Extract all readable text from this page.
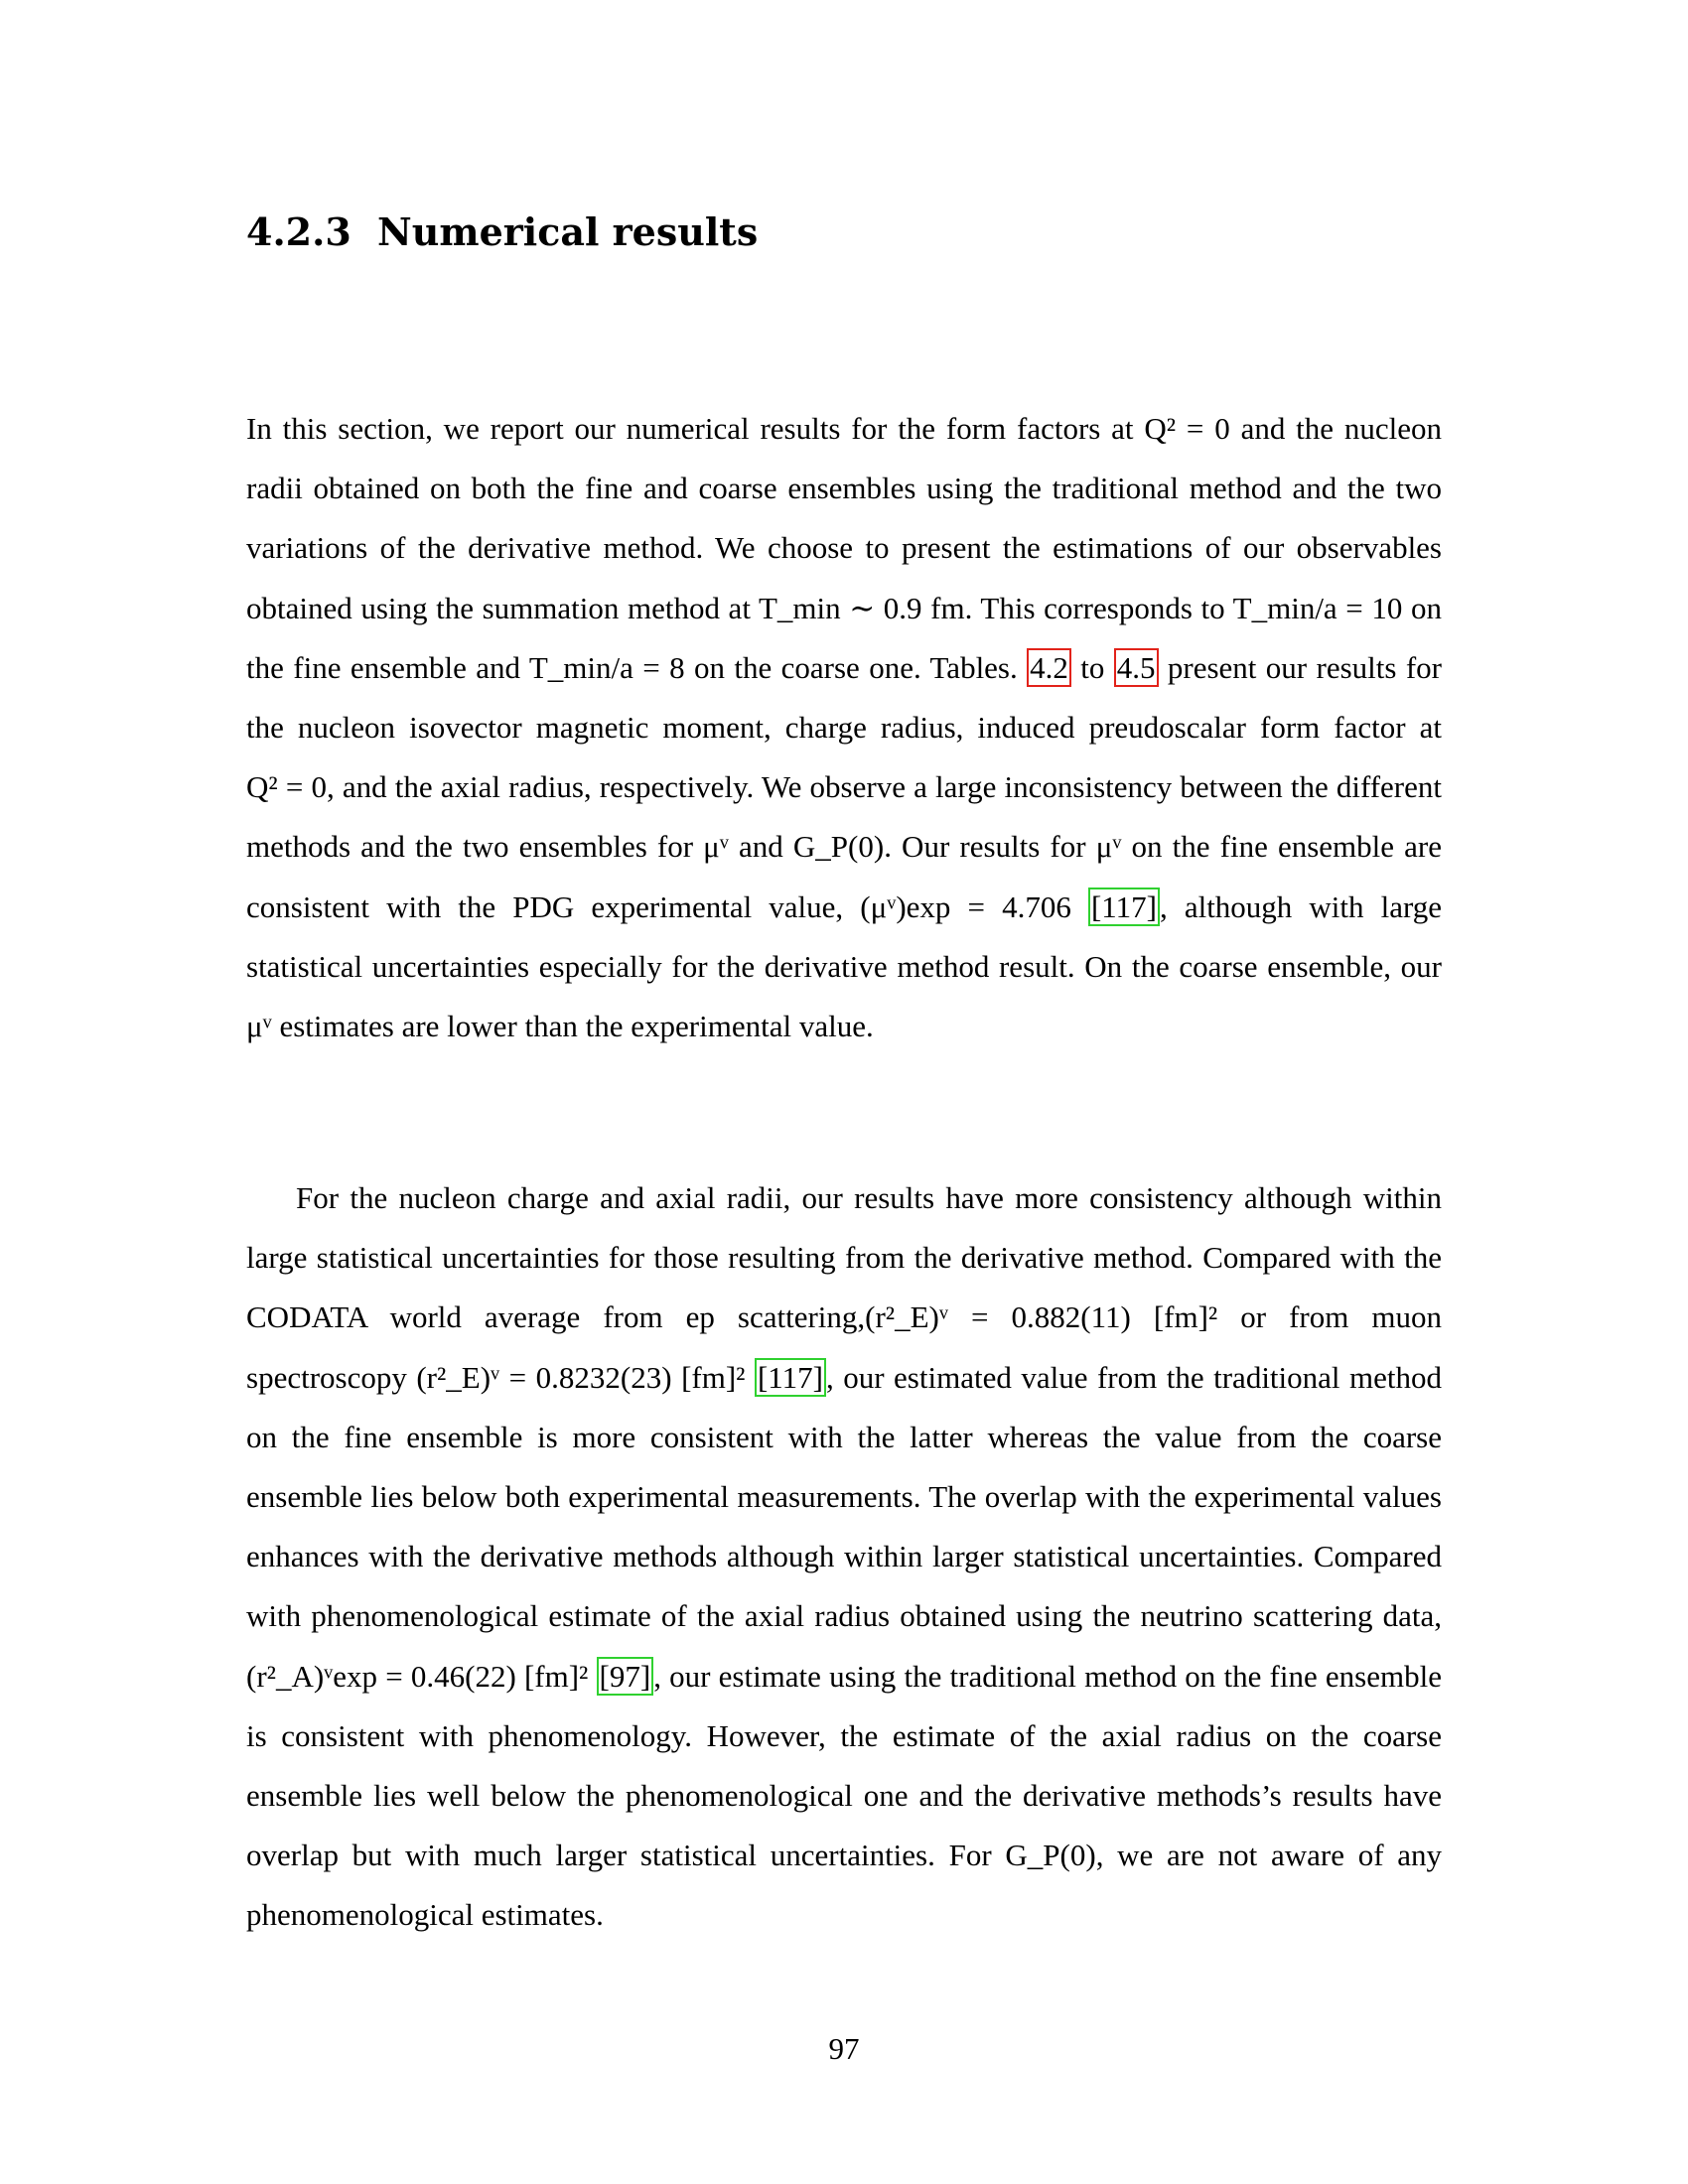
4.2.3 Numerical results

In this section, we report our numerical results for the form factors at Q² = 0 and the nucleon radii obtained on both the fine and coarse ensembles using the traditional method and the two variations of the derivative method. We choose to present the estimations of our observables obtained using the summation method at T_min ∼ 0.9 fm. This corresponds to T_min/a = 10 on the fine ensemble and T_min/a = 8 on the coarse one. Tables. 4.2 to 4.5 present our results for the nucleon isovector magnetic moment, charge radius, induced preudoscalar form factor at Q² = 0, and the axial radius, respectively. We observe a large inconsistency between the different methods and the two ensembles for μᵛ and G_P(0). Our results for μᵛ on the fine ensemble are consistent with the PDG experimental value, (μᵛ)exp = 4.706 [117], although with large statistical uncertainties especially for the derivative method result. On the coarse ensemble, our μᵛ estimates are lower than the experimental value.

For the nucleon charge and axial radii, our results have more consistency although within large statistical uncertainties for those resulting from the derivative method. Compared with the CODATA world average from ep scattering,(r²_E)ᵛ = 0.882(11) [fm]² or from muon spectroscopy (r²_E)ᵛ = 0.8232(23) [fm]² [117], our estimated value from the traditional method on the fine ensemble is more consistent with the latter whereas the value from the coarse ensemble lies below both experimental measurements. The overlap with the experimental values enhances with the derivative methods although within larger statistical uncertainties. Compared with phenomenological estimate of the axial radius obtained using the neutrino scattering data, (r²_A)ᵛexp = 0.46(22) [fm]² [97], our estimate using the traditional method on the fine ensemble is consistent with phenomenology. However, the estimate of the axial radius on the coarse ensemble lies well below the phenomenological one and the derivative methods’s results have overlap but with much larger statistical uncertainties. For G_P(0), we are not aware of any phenomenological estimates.

97
